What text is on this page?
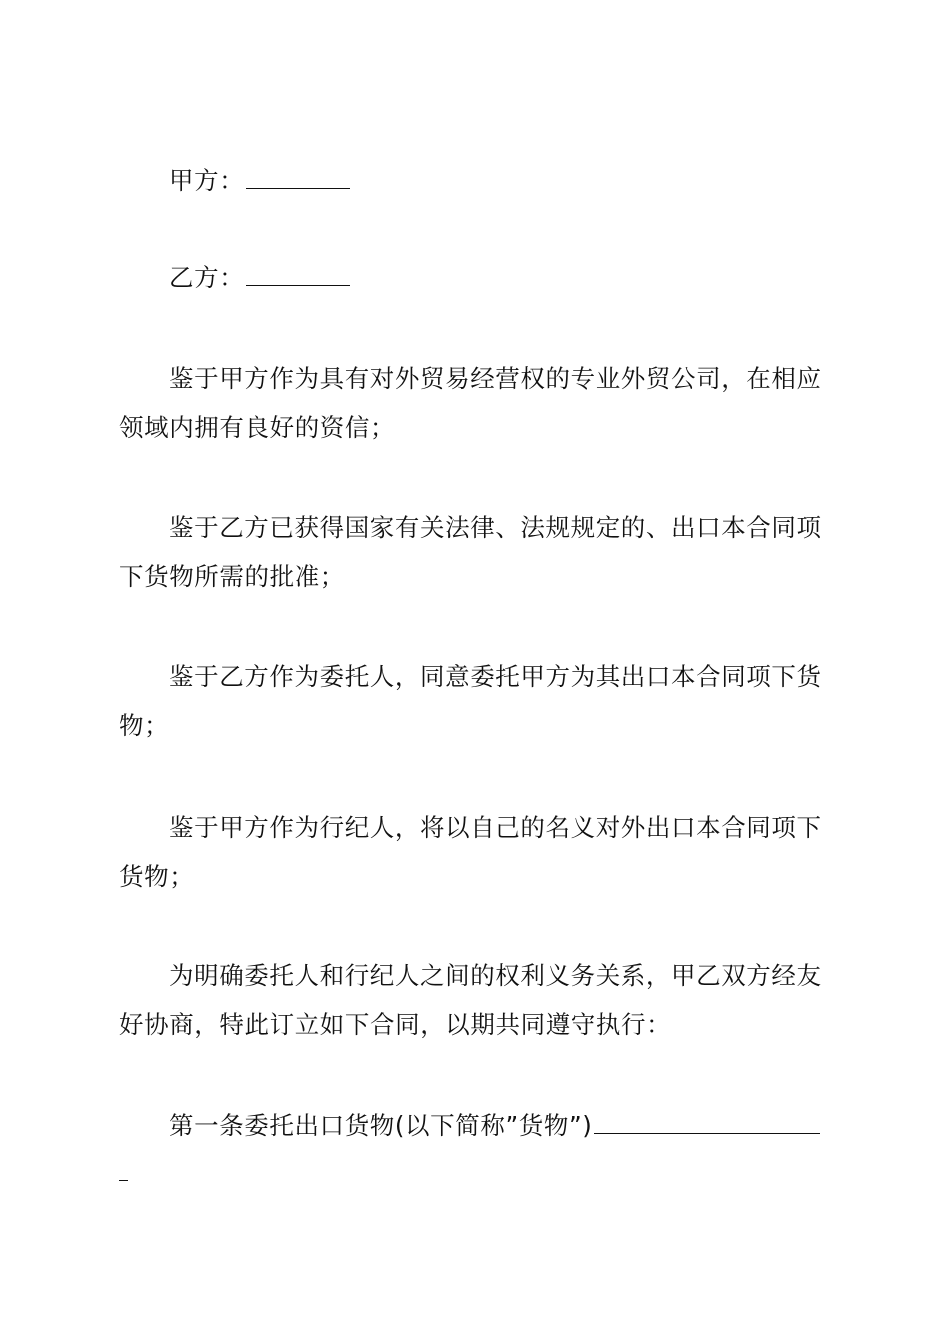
甲方：

乙方：

鉴于甲方作为具有对外贸易经营权的专业外贸公司，在相应领域内拥有良好的资信；

鉴于乙方已获得国家有关法律、法规规定的、出口本合同项下货物所需的批准；

鉴于乙方作为委托人，同意委托甲方为其出口本合同项下货物；

鉴于甲方作为行纪人，将以自己的名义对外出口本合同项下货物；

为明确委托人和行纪人之间的权利义务关系，甲乙双方经友好协商，特此订立如下合同，以期共同遵守执行：

第一条委托出口货物(以下简称”货物”)
